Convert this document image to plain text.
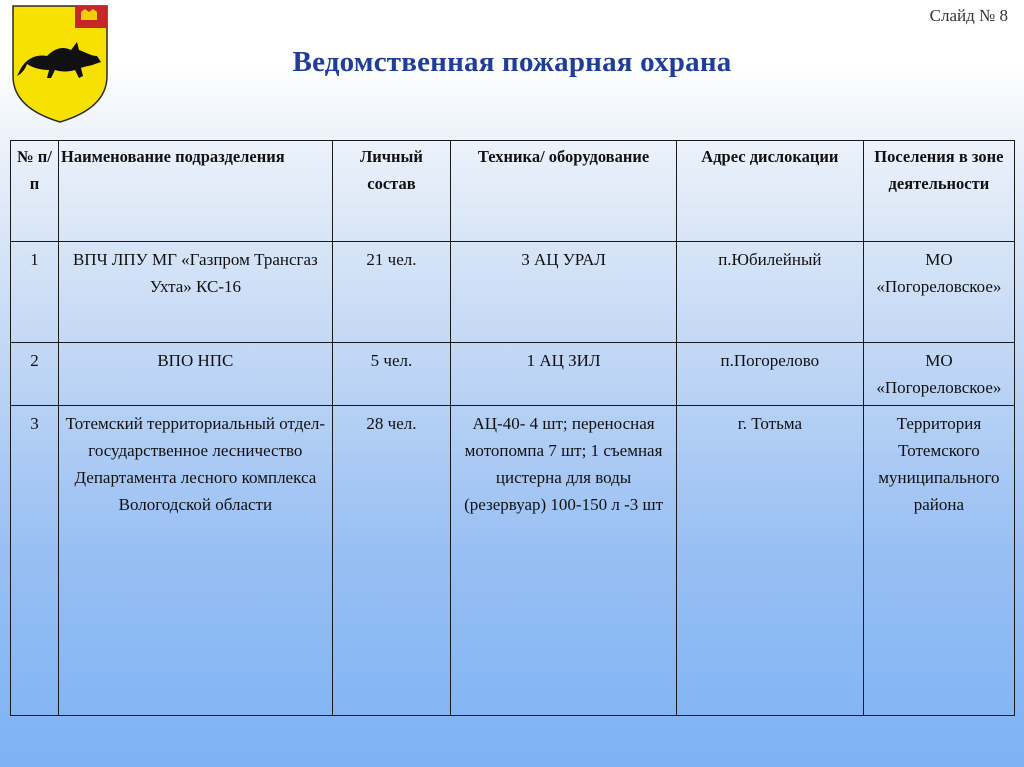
Слайд № 8
Ведомственная пожарная охрана
№ п/п	Наименование подразделения	Личный состав	Техника/ оборудование	Адрес дислокации	Поселения в зоне деятельности
1	ВПЧ ЛПУ МГ «Газпром Трансгаз Ухта» КС-16	21 чел.	3 АЦ УРАЛ	п.Юбилейный	МО «Погореловское»
2	ВПО НПС	5 чел.	1 АЦ ЗИЛ	п.Погорелово	МО «Погореловское»
3	Тотемский территориальный отдел-государственное лесничество Департамента лесного комплекса Вологодской области	28 чел.	АЦ-40- 4 шт; переносная мотопомпа 7 шт; 1 съемная цистерна для воды (резервуар) 100-150 л -3 шт	г. Тотьма	Территория Тотемского муниципального района
